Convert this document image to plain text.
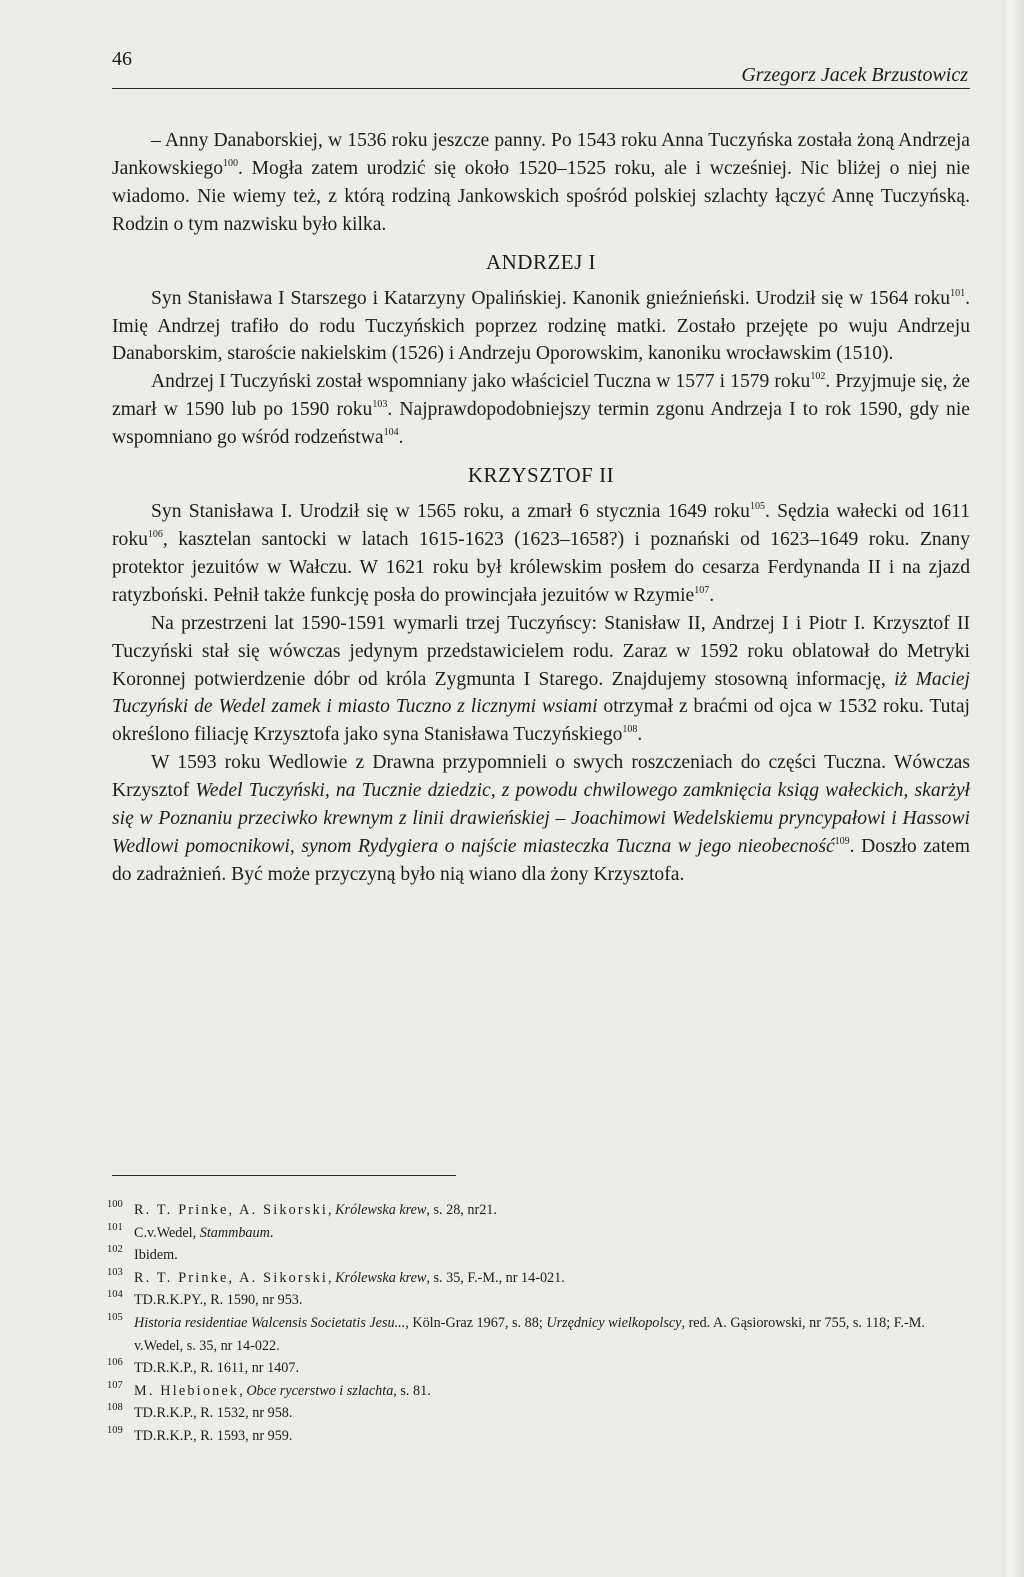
46
Grzegorz Jacek Brzustowicz

– Anny Danaborskiej, w 1536 roku jeszcze panny. Po 1543 roku Anna Tuczyńska została żoną Andrzeja Jankowskiego$^{100}$. Mogła zatem urodzić się około 1520–1525 roku, ale i wcześniej. Nic bliżej o niej nie wiadomo. Nie wiemy też, z którą rodziną Jankowskich spośród polskiej szlachty łączyć Annę Tuczyńską. Rodzin o tym nazwisku było kilka.

ANDRZEJ I

Syn Stanisława I Starszego i Katarzyny Opalińskiej. Kanonik gnieźnieński. Urodził się w 1564 roku$^{101}$. Imię Andrzej trafiło do rodu Tuczyńskich poprzez rodzinę matki. Zostało przejęte po wuju Andrzeju Danaborskim, staroście nakielskim (1526) i Andrzeju Oporowskim, kanoniku wrocławskim (1510).

Andrzej I Tuczyński został wspomniany jako właściciel Tuczna w 1577 i 1579 roku$^{102}$. Przyjmuje się, że zmarł w 1590 lub po 1590 roku$^{103}$. Najprawdopodobniejszy termin zgonu Andrzeja I to rok 1590, gdy nie wspomniano go wśród rodzeństwa$^{104}$.

KRZYSZTOF II

Syn Stanisława I. Urodził się w 1565 roku, a zmarł 6 stycznia 1649 roku$^{105}$. Sędzia wałecki od 1611 roku$^{106}$, kasztelan santocki w latach 1615-1623 (1623–1658?) i poznański od 1623–1649 roku. Znany protektor jezuitów w Wałczu. W 1621 roku był królewskim posłem do cesarza Ferdynanda II i na zjazd ratyzboński. Pełnił także funkcję posła do prowincjała jezuitów w Rzymie$^{107}$.

Na przestrzeni lat 1590-1591 wymarli trzej Tuczyńscy: Stanisław II, Andrzej I i Piotr I. Krzysztof II Tuczyński stał się wówczas jedynym przedstawicielem rodu. Zaraz w 1592 roku oblatował do Metryki Koronnej potwierdzenie dóbr od króla Zygmunta I Starego. Znajdujemy stosowną informację, iż Maciej Tuczyński de Wedel zamek i miasto Tuczno z licznymi wsiami otrzymał z braćmi od ojca w 1532 roku. Tutaj określono filiację Krzysztofa jako syna Stanisława Tuczyńskiego$^{108}$.

W 1593 roku Wedlowie z Drawna przypomnieli o swych roszczeniach do części Tuczna. Wówczas Krzysztof Wedel Tuczyński, na Tucznie dziedzic, z powodu chwilowego zamknięcia ksiąg wałeckich, skarżył się w Poznaniu przeciwko krewnym z linii drawieńskiej – Joachimowi Wedelskiemu pryncypałowi i Hassowi Wedlowi pomocnikowi, synom Rydygiera o najście miasteczka Tuczna w jego nieobecność$^{109}$. Doszło zatem do zadrażnień. Być może przyczyną było nią wiano dla żony Krzysztofa.

100 R. T. Prinke, A. Sikorski, Królewska krew, s. 28, nr21.
101 C.v.Wedel, Stammbaum.
102 Ibidem.
103 R. T. Prinke, A. Sikorski, Królewska krew, s. 35, F.-M., nr 14-021.
104 TD.R.K.PY., R. 1590, nr 953.
105 Historia residentiae Walcensis Societatis Jesu..., Köln-Graz 1967, s. 88; Urzędnicy wielkopolscy, red. A. Gąsiorowski, nr 755, s. 118; F.-M. v.Wedel, s. 35, nr 14-022.
106 TD.R.K.P., R. 1611, nr 1407.
107 M. Hlebionek, Obce rycerstwo i szlachta, s. 81.
108 TD.R.K.P., R. 1532, nr 958.
109 TD.R.K.P., R. 1593, nr 959.
